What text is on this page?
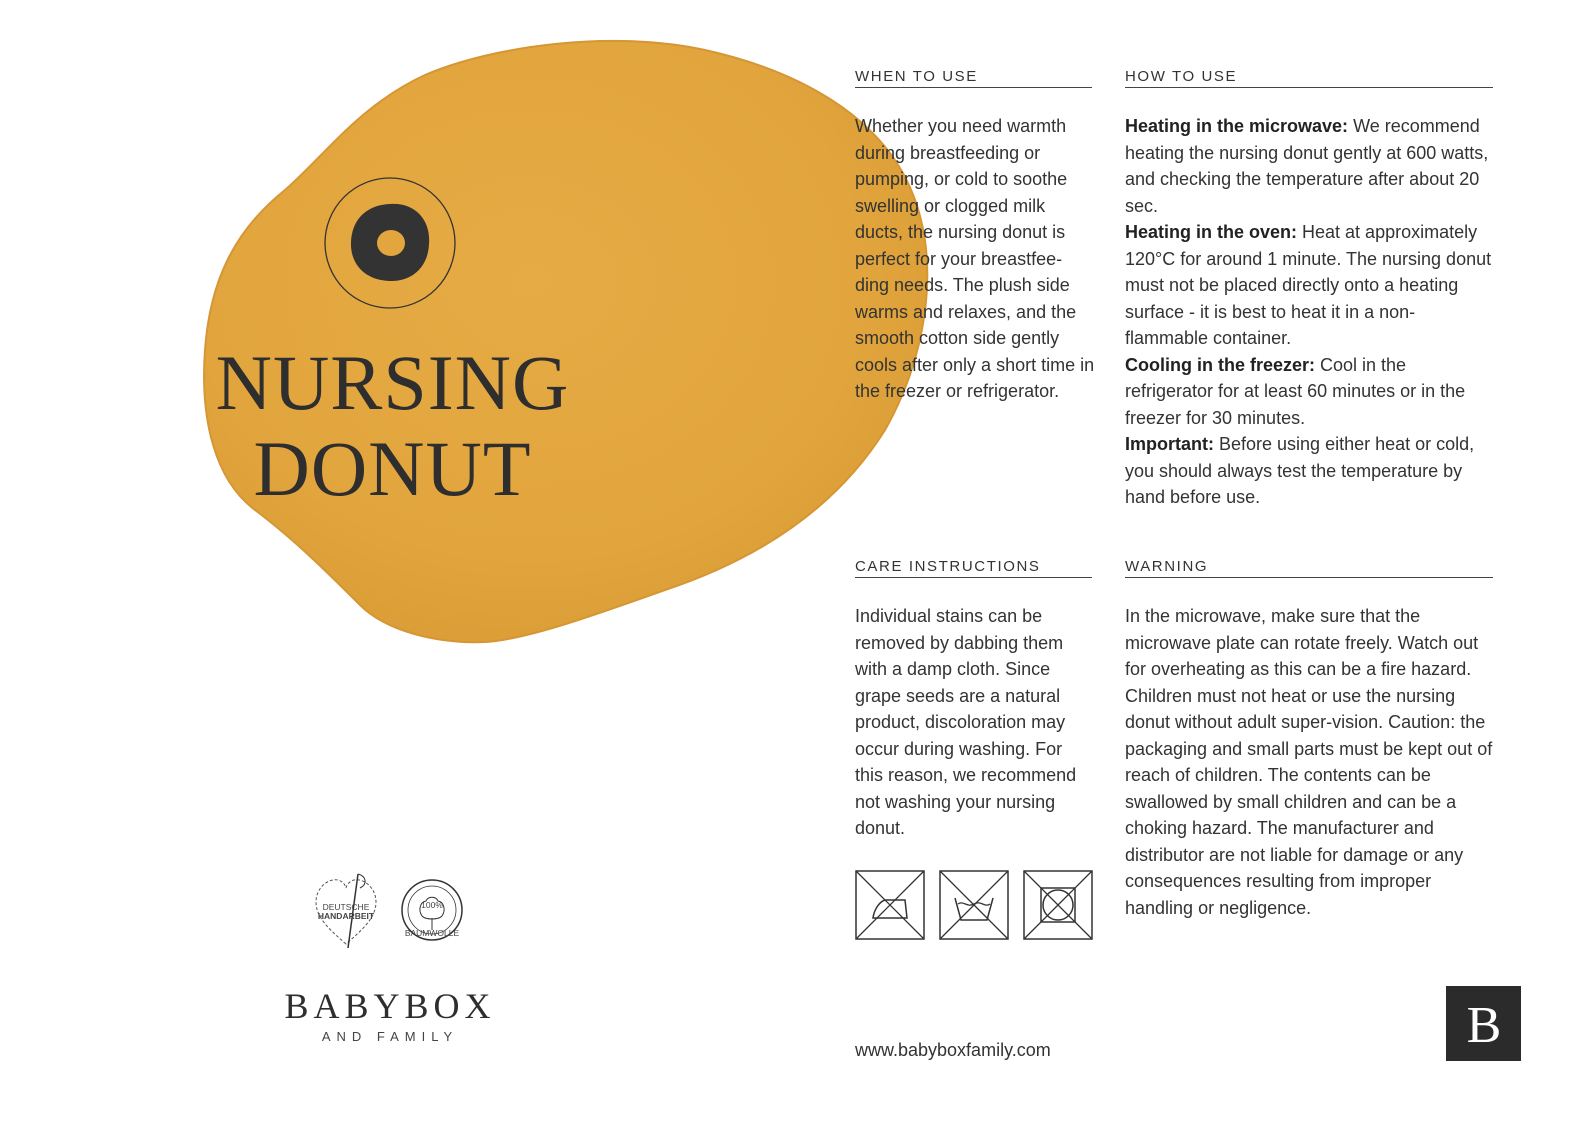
NURSING
DONUT
WHEN TO USE

Whether you need warmth during breastfeeding or pumping, or cold to soothe swelling or clogged milk ducts, the nursing donut is perfect for your breastfee-ding needs. The plush side warms and relaxes, and the smooth cotton side gently cools after only a short time in the freezer or refrigerator.

HOW TO USE

Heating in the microwave: We recommend heating the nursing donut gently at 600 watts, and checking the temperature after about 20 sec.

Heating in the oven: Heat at approximately 120°C for around 1 minute. The nursing donut must not be placed directly onto a heating surface - it is best to heat it in a non-flammable container.

Cooling in the freezer: Cool in the refrigerator for at least 60 minutes or in the freezer for 30 minutes.

Important: Before using either heat or cold, you should always test the temperature by hand before use.

CARE INSTRUCTIONS

Individual stains can be removed by dabbing them with a damp cloth. Since grape seeds are a natural product, discoloration may occur during washing. For this reason, we recommend not washing your nursing donut.

WARNING

In the microwave, make sure that the microwave plate can rotate freely. Watch out for overheating as this can be a fire hazard. Children must not heat or use the nursing donut without adult super-vision. Caution: the packaging and small parts must be kept out of reach of children. The contents can be swallowed by small children and can be a choking hazard. The manufacturer and distributor are not liable for damage or any consequences resulting from improper handling or negligence.

DEUTSCHE
HANDARBEIT
100%
BAUMWOLLE
BABYBOX
AND FAMILY
www.babyboxfamily.com	B
